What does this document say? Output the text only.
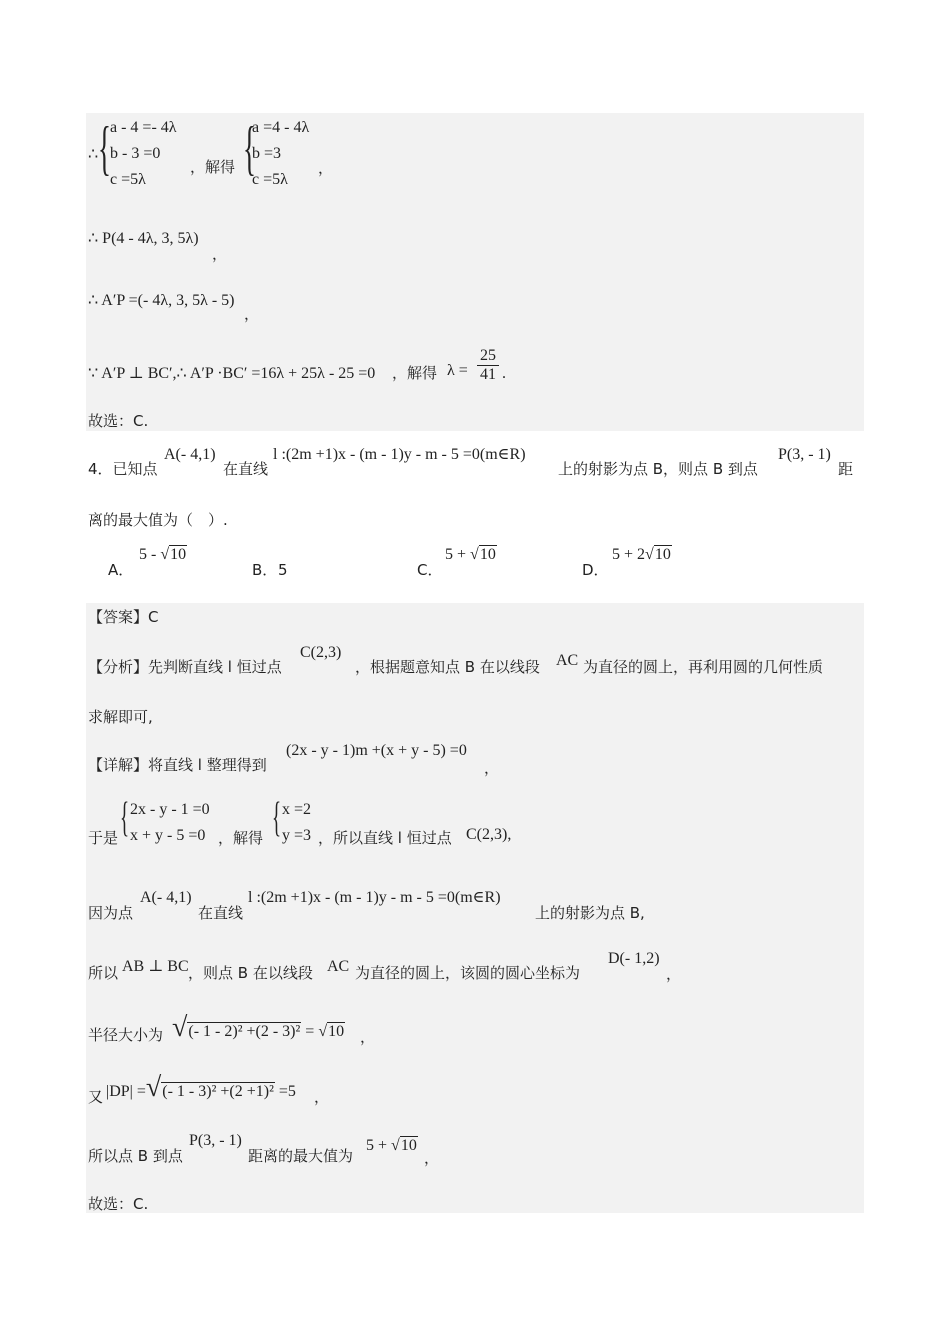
∴ { a - 4 =- 4λ
b - 3 =0
c =5λ
，解得 {
a =4 - 4λ
b =3
c =5λ
，
∴ P(4 - 4λ, 3, 5λ)
，
∴ A′P =(- 4λ, 3, 5λ - 5)
，
∵ A′P ⊥ BC′,∴ A′P ·BC′ =16λ + 25λ - 25 =0 ，解得 $\lambda = \frac{25}{41}$ .
故选：C.
4．已知点
A(- 4,1)
在直线
l :(2m +1)x - (m - 1)y - m - 5 =0(m∈R)
上的射影为点 B，则点 B 到点
P(3, - 1)
距
离的最大值为（　）.
A．
5 - √10
B． 5	C．
5 + √10
D．
5 + 2√10
【答案】C
【分析】先判断直线 l 恒过点
C(2,3)
，根据题意知点 B 在以线段 AC 为直径的圆上，再利用圆的几何性质
求解即可,
【详解】将直线 l 整理得到
(2x - y - 1)m +(x + y - 5) =0
，
于是 { 2x - y - 1 =0
x + y - 5 =0 ，解得 { x =2
y =3 ，所以直线 l 恒过点 C(2,3),
因为点
A(- 4,1)
在直线
l :(2m +1)x - (m - 1)y - m - 5 =0(m∈R)
上的射影为点 B,
所以 AB ⊥ BC ，则点 B 在以线段 AC 为直径的圆上，该圆的圆心坐标为
D(- 1,2)
，
半径大小为 √(- 1 - 2)² +(2 - 3)² = √10 ，
又 |DP| =√(- 1 - 3)² +(2 +1)² =5 ，
所以点 B 到点
P(3, - 1)
距离的最大值为
5 + √10
，
故选：C.
